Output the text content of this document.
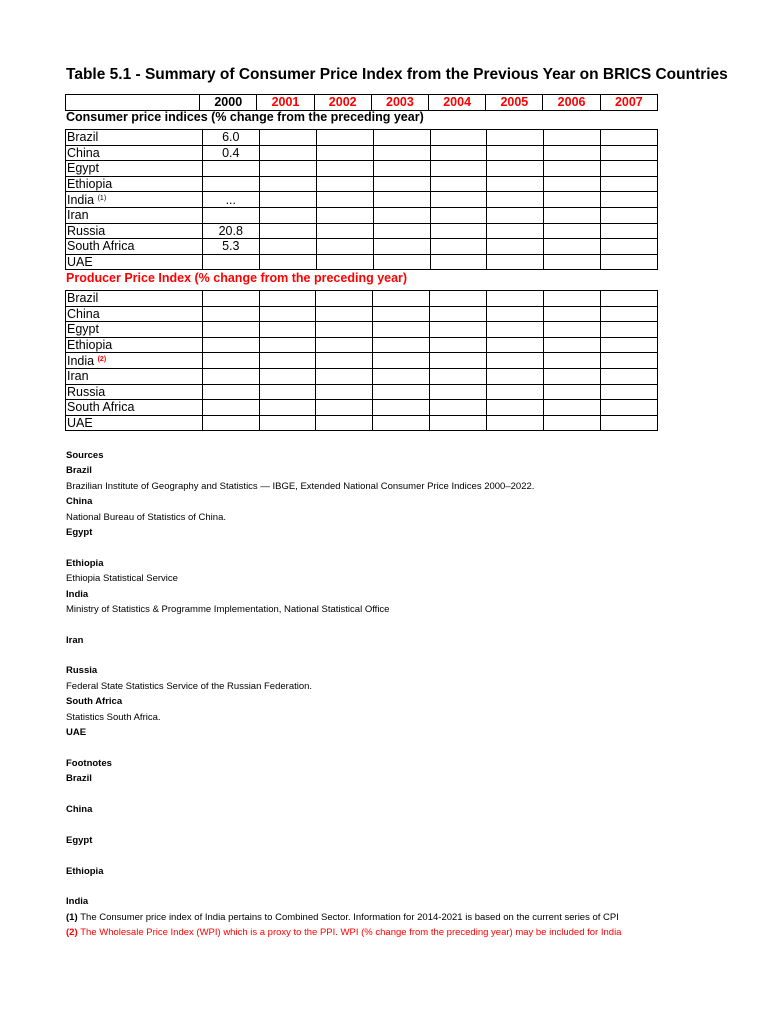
Table 5.1 - Summary of Consumer Price Index from the Previous Year on BRICS Countries
	2000	2001	2002	2003	2004	2005	2006	2007
Consumer price indices (% change from the preceding year)
Brazil	6.0							
China	0.4							
Egypt								
Ethiopia								
India $^{(1)}$	...							
Iran								
Russia	20.8							
South Africa	5.3							
UAE								
Producer Price Index (% change from the preceding year)
Brazil								
China								
Egypt								
Ethiopia								
India $^{(2)}$								
Iran								
Russia								
South Africa								
UAE								
Sources
Brazil
Brazilian Institute of Geography and Statistics — IBGE, Extended National Consumer Price Indices 2000–2022.
China
National Bureau of Statistics of China.
Egypt
Ethiopia
Ethiopia Statistical Service
India
Ministry of Statistics & Programme Implementation, National Statistical Office
Iran
Russia
Federal State Statistics Service of the Russian Federation.
South Africa
Statistics South Africa.
UAE
Footnotes
Brazil
China
Egypt
Ethiopia
India
(1) The Consumer price index of India pertains to Combined Sector. Information for 2014-2021 is based on the current series of CPI
(2) The Wholesale Price Index (WPI) which is a proxy to the PPI. WPI (% change from the preceding year) may be included for India
